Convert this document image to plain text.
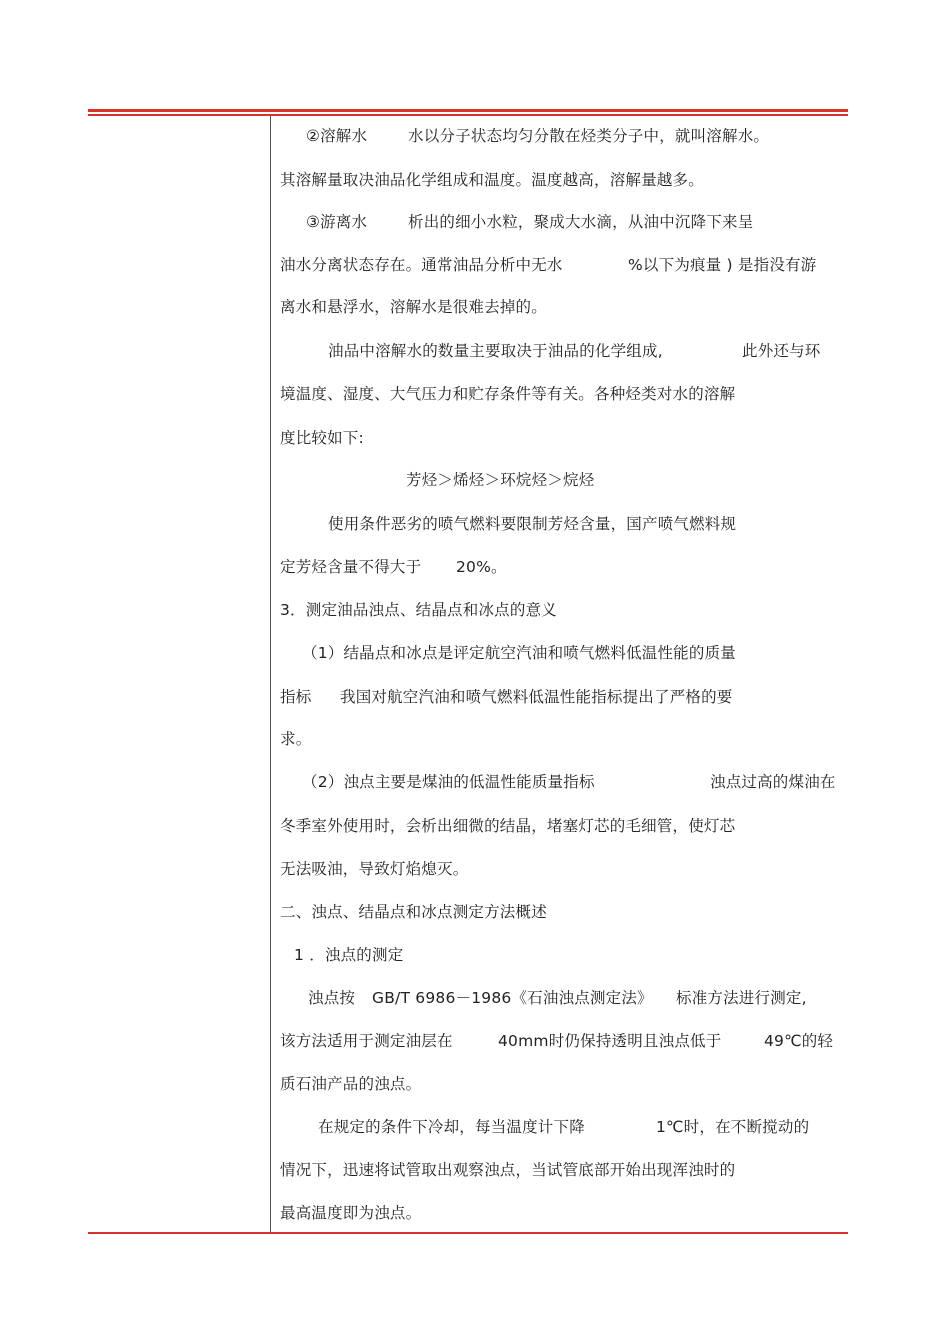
②溶解水	水以分子状态均匀分散在烃类分子中，就叫溶解水。
其溶解量取决油品化学组成和温度。温度越高，溶解量越多。
③游离水	析出的细小水粒，聚成大水滴，从油中沉降下来呈
油水分离状态存在。通常油品分析中无水	%以下为痕量 ) 是指没有游
离水和悬浮水，溶解水是很难去掉的。
油品中溶解水的数量主要取决于油品的化学组成,	此外还与环
境温度、湿度、大气压力和贮存条件等有关。各种烃类对水的溶解
度比较如下:
芳烃＞烯烃＞环烷烃＞烷烃
使用条件恶劣的喷气燃料要限制芳烃含量，国产喷气燃料规
定芳烃含量不得大于 20%。
3．测定油品浊点、结晶点和冰点的意义
（1）结晶点和冰点是评定航空汽油和喷气燃料低温性能的质量
指标 我国对航空汽油和喷气燃料低温性能指标提出了严格的要
求。
（2）浊点主要是煤油的低温性能质量指标	浊点过高的煤油在
冬季室外使用时，会析出细微的结晶，堵塞灯芯的毛细管，使灯芯
无法吸油，导致灯焰熄灭。
二、浊点、结晶点和冰点测定方法概述
1 ．浊点的测定
浊点按 GB/T 6986－1986《石油浊点测定法》 标准方法进行测定,
该方法适用于测定油层在	40mm时仍保持透明且浊点低于	49℃的轻
质石油产品的浊点。
在规定的条件下冷却，每当温度计下降	1℃时，在不断搅动的
情况下，迅速将试管取出观察浊点，当试管底部开始出现浑浊时的
最高温度即为浊点。
